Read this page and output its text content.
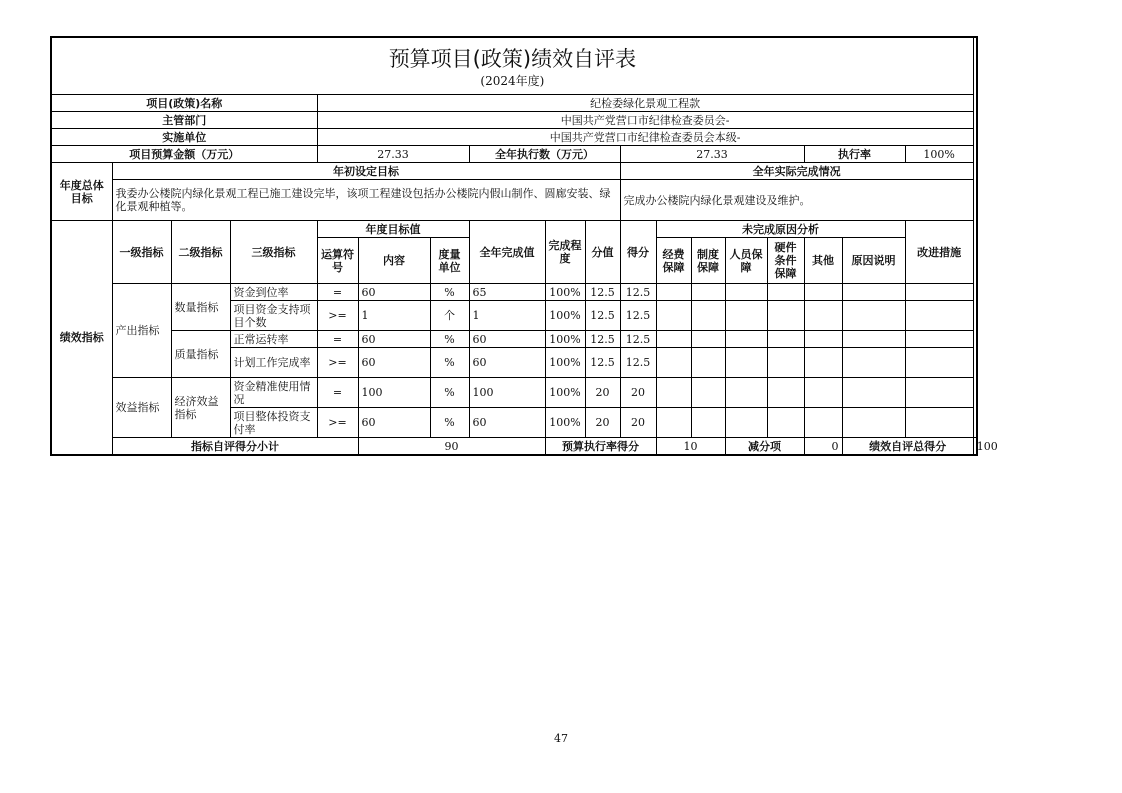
预算项目(政策)绩效自评表
(2024年度)																		

项目(政策)名称				纪检委绿化景观工程款														
主管部门				中国共产党营口市纪律检查委员会-														
实施单位				中国共产党营口市纪律检查委员会本级-														
项目预算金额（万元）				27.33			全年执行数（万元）			27.33					执行率		100%	
年度总体目标	年初设定目标									全年实际完成情况								
	我委办公楼院内绿化景观工程已施工建设完毕，该项工程建设包括办公楼院内假山制作、圆廊安装、绿化景观种植等。									完成办公楼院内绿化景观建设及维护。								
绩效指标	一级指标	二级指标	三级指标	年度目标值			全年完成值	完成程度	分值	得分	未完成原因分析						改进措施	
				运算符号	内容	度量单位					经费保障	制度保障	人员保障	硬件条件保障	其他	原因说明		
	产出指标	数量指标	资金到位率	=	60	%	65	100%	12.5	12.5								
			项目资金支持项目个数	>=	1	个	1	100%	12.5	12.5								
		质量指标	正常运转率	=	60	%	60	100%	12.5	12.5								
			计划工作完成率	>=	60	%	60	100%	12.5	12.5								
	效益指标	经济效益指标	资金精准使用情况	=	100	%	100	100%	20	20								
			项目整体投资支付率	>=	60	%	60	100%	20	20								
	指标自评得分小计				90			预算执行率得分			10		减分项		0	绩效自评总得分		100
47
